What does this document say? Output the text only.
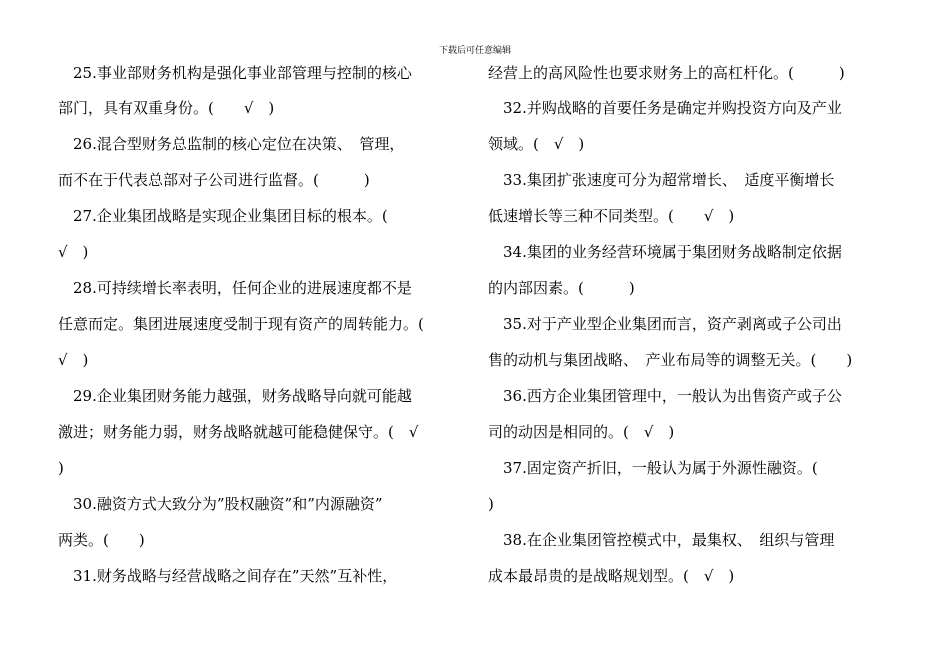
下载后可任意编辑
　25.事业部财务机构是强化事业部管理与控制的核心
部门，具有双重身份。(　　√　)
　26.混合型财务总监制的核心定位在决策、　管理，
而不在于代表总部对子公司进行监督。(　　　)
　27.企业集团战略是实现企业集团目标的根本。(
√　)
　28.可持续增长率表明，任何企业的进展速度都不是
任意而定。集团进展速度受制于现有资产的周转能力。(
√　)
　29.企业集团财务能力越强，财务战略导向就可能越
激进；财务能力弱，财务战略就越可能稳健保守。(　√
)
　30.融资方式大致分为”股权融资”和”内源融资”
两类。(　　)
　31.财务战略与经营战略之间存在”天然”互补性，
经营上的高风险性也要求财务上的高杠杆化。(　　　)
　32.并购战略的首要任务是确定并购投资方向及产业
领域。(　√　)
　33.集团扩张速度可分为超常增长、　适度平衡增长
低速增长等三种不同类型。(　　√　)
　34.集团的业务经营环境属于集团财务战略制定依据
的内部因素。(　　　)
　35.对于产业型企业集团而言，资产剥离或子公司出
售的动机与集团战略、　产业布局等的调整无关。(　　)
　36.西方企业集团管理中，一般认为出售资产或子公
司的动因是相同的。(　√　)
　37.固定资产折旧，一般认为属于外源性融资。(
)
　38.在企业集团管控模式中，最集权、　组织与管理
成本最昂贵的是战略规划型。(　√　)
